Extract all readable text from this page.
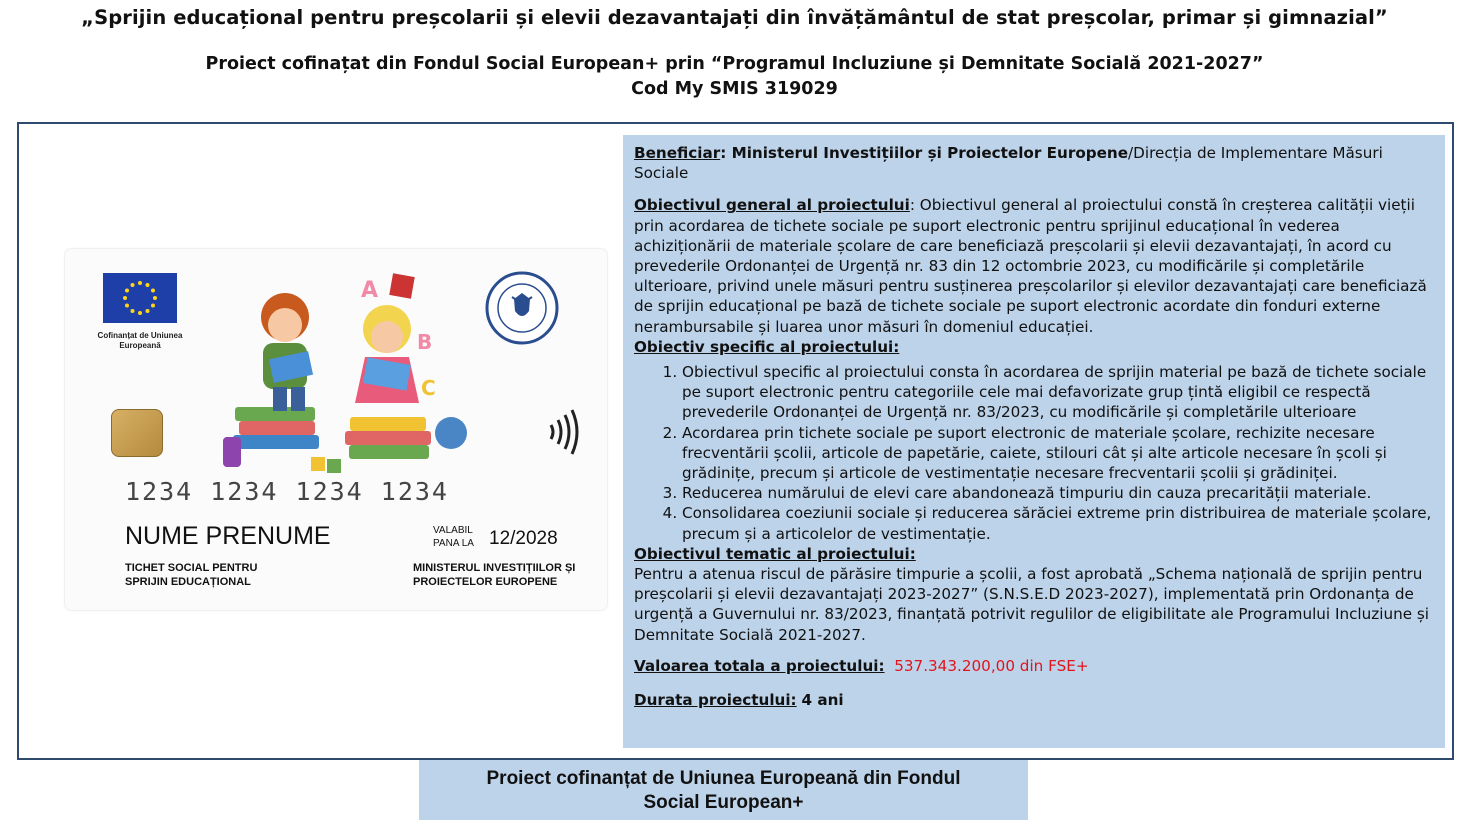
„Sprijin educațional pentru preșcolarii și elevii dezavantajați din învățământul de stat preșcolar, primar și gimnazial”
Proiect cofinațat din Fondul Social European+ prin “Programul Incluziune și Demnitate Socială 2021-2027”
Cod My SMIS 319029
Cofinanțat de Uniunea Europeană
A
B
C
1234 1234 1234 1234
NUME PRENUME	VALABIL PANA LA 12/2028
TICHET SOCIAL PENTRU SPRIJIN EDUCAȚIONAL
MINISTERUL INVESTIȚIILOR ȘI PROIECTELOR EUROPENE

Beneficiar: Ministerul Investițiilor și Proiectelor Europene/Direcția de Implementare Măsuri Sociale

Obiectivul general al proiectului: Obiectivul general al proiectului constă în creșterea calității vieții prin acordarea de tichete sociale pe suport electronic pentru sprijinul educațional în vederea achiziționării de materiale școlare de care beneficiază preșcolarii și elevii dezavantajați, în acord cu prevederile Ordonanței de Urgență nr. 83 din 12 octombrie 2023, cu modificările și completările ulterioare, privind unele măsuri pentru susținerea preșcolarilor și elevilor dezavantajați care beneficiază de sprijin educațional pe bază de tichete sociale pe suport electronic acordate din fonduri externe nerambursabile și luarea unor măsuri în domeniul educației.

Obiectiv specific al proiectului:

1. Obiectivul specific al proiectului consta în acordarea de sprijin material pe bază de tichete sociale pe suport electronic pentru categoriile cele mai defavorizate grup țintă eligibil ce respectă prevederile Ordonanței de Urgență nr. 83/2023, cu modificările și completările ulterioare
2. Acordarea prin tichete sociale pe suport electronic de materiale școlare, rechizite necesare frecventării școlii, articole de papetărie, caiete, stilouri cât și alte articole necesare în școli și grădinițe, precum și articole de vestimentație necesare frecventarii școlii și grădiniței.
3. Reducerea numărului de elevi care abandonează timpuriu din cauza precarității materiale.
4. Consolidarea coeziunii sociale și reducerea sărăciei extreme prin distribuirea de materiale școlare, precum și a articolelor de vestimentație.

Obiectivul tematic al proiectului:

Pentru a atenua riscul de părăsire timpurie a școlii, a fost aprobată „Schema națională de sprijin pentru preșcolarii și elevii dezavantajați 2023-2027” (S.N.S.E.D 2023-2027), implementată prin Ordonanța de urgență a Guvernului nr. 83/2023, finanțată potrivit regulilor de eligibilitate ale Programului Incluziune și Demnitate Socială 2021-2027.

Valoarea totala a proiectului: 537.343.200,00 din FSE+

Durata proiectului: 4 ani

Proiect cofinanțat de Uniunea Europeană din Fondul Social European+
